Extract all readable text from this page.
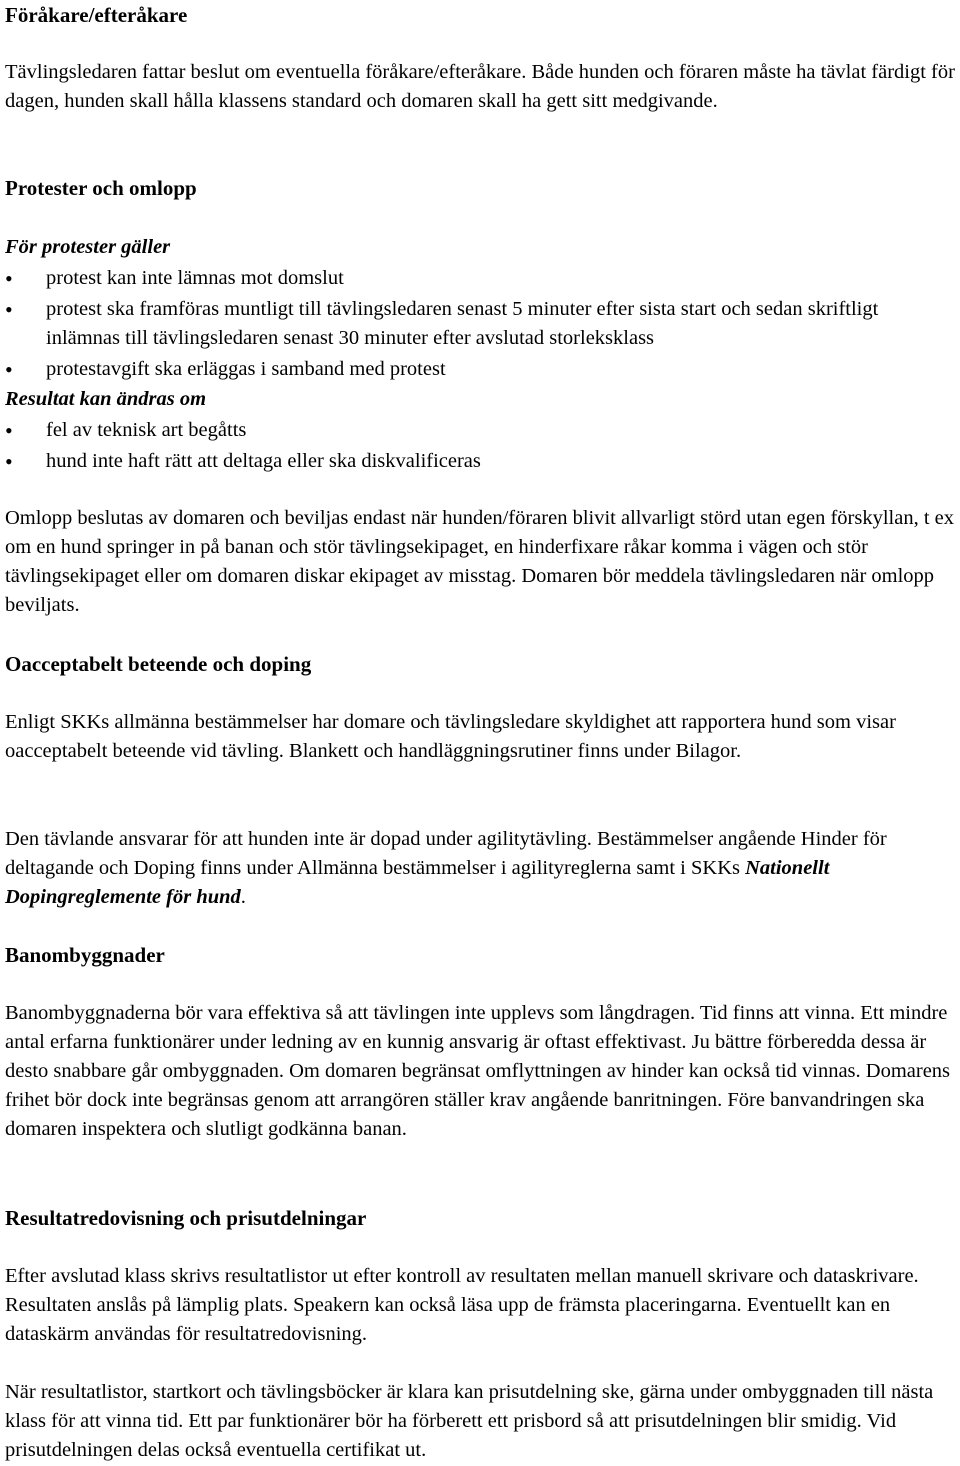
Föråkare/efteråkare

Tävlingsledaren fattar beslut om eventuella föråkare/efteråkare. Både hunden och föraren måste ha tävlat färdigt för dagen, hunden skall hålla klassens standard och domaren skall ha gett sitt medgivande.

Protester och omlopp
För protester gäller
• protest kan inte lämnas mot domslut
• protest ska framföras muntligt till tävlingsledaren senast 5 minuter efter sista start och sedan skriftligt inlämnas till tävlingsledaren senast 30 minuter efter avslutad storleksklass
• protestavgift ska erläggas i samband med protest
Resultat kan ändras om
• fel av teknisk art begåtts
• hund inte haft rätt att deltaga eller ska diskvalificeras

Omlopp beslutas av domaren och beviljas endast när hunden/föraren blivit allvarligt störd utan egen förskyllan, t ex om en hund springer in på banan och stör tävlingsekipaget, en hinderfixare råkar komma i vägen och stör tävlingsekipaget eller om domaren diskar ekipaget av misstag. Domaren bör meddela tävlingsledaren när omlopp beviljats.

Oacceptabelt beteende och doping

Enligt SKKs allmänna bestämmelser har domare och tävlingsledare skyldighet att rapportera hund som visar oacceptabelt beteende vid tävling. Blankett och handläggningsrutiner finns under Bilagor.

Den tävlande ansvarar för att hunden inte är dopad under agilitytävling. Bestämmelser angående Hinder för deltagande och Doping finns under Allmänna bestämmelser i agilityreglerna samt i SKKs Nationellt Dopingreglemente för hund.

Banombyggnader

Banombyggnaderna bör vara effektiva så att tävlingen inte upplevs som långdragen. Tid finns att vinna. Ett mindre antal erfarna funktionärer under ledning av en kunnig ansvarig är oftast effektivast. Ju bättre förberedda dessa är desto snabbare går ombyggnaden. Om domaren begränsat omflyttningen av hinder kan också tid vinnas. Domarens frihet bör dock inte begränsas genom att arrangören ställer krav angående banritningen. Före banvandringen ska domaren inspektera och slutligt godkänna banan.

Resultatredovisning och prisutdelningar

Efter avslutad klass skrivs resultatlistor ut efter kontroll av resultaten mellan manuell skrivare och dataskrivare. Resultaten anslås på lämplig plats. Speakern kan också läsa upp de främsta placeringarna. Eventuellt kan en dataskärm användas för resultatredovisning.

När resultatlistor, startkort och tävlingsböcker är klara kan prisutdelning ske, gärna under ombyggnaden till nästa klass för att vinna tid. Ett par funktionärer bör ha förberett ett prisbord så att prisutdelningen blir smidig. Vid prisutdelningen delas också eventuella certifikat ut.
